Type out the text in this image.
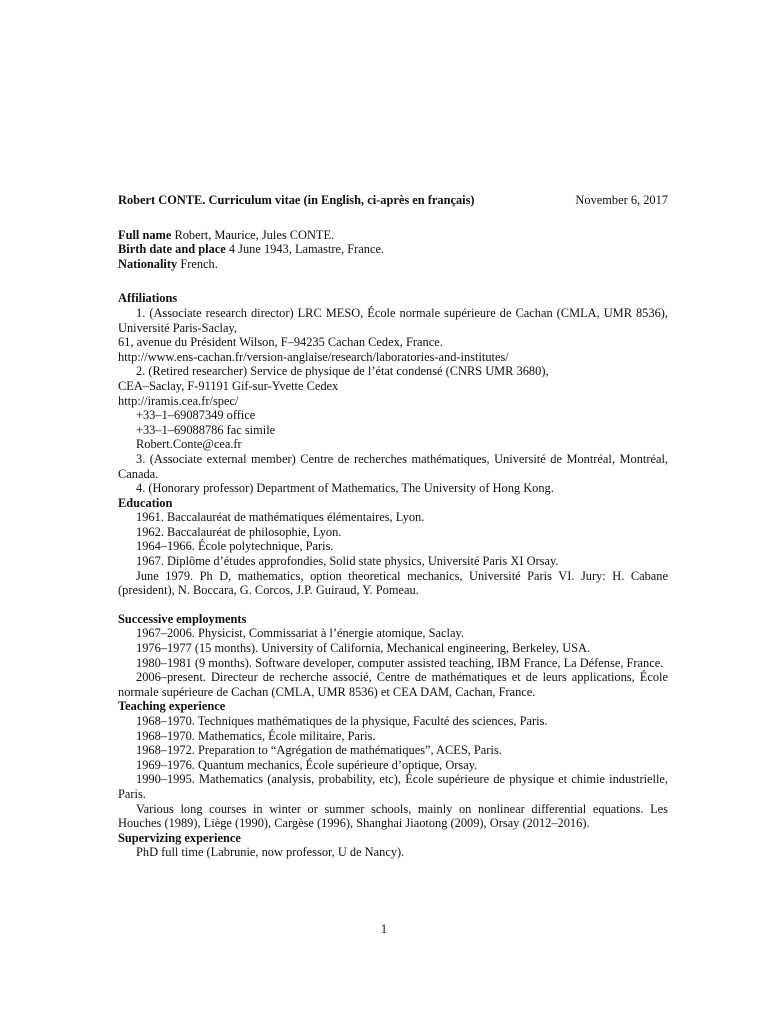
Robert CONTE. Curriculum vitae (in English, ci-après en français)	November 6, 2017
Full name Robert, Maurice, Jules CONTE.
Birth date and place 4 June 1943, Lamastre, France.
Nationality French.
Affiliations
1. (Associate research director) LRC MESO, École normale supérieure de Cachan (CMLA, UMR 8536), Université Paris-Saclay,
61, avenue du Président Wilson, F–94235 Cachan Cedex, France.
http://www.ens-cachan.fr/version-anglaise/research/laboratories-and-institutes/
2. (Retired researcher) Service de physique de l’état condensé (CNRS UMR 3680),
CEA–Saclay, F-91191 Gif-sur-Yvette Cedex
http://iramis.cea.fr/spec/
+33–1–69087349 office
+33–1–69088786 fac simile
Robert.Conte@cea.fr
3. (Associate external member) Centre de recherches mathématiques, Université de Montréal, Montréal, Canada.
4. (Honorary professor) Department of Mathematics, The University of Hong Kong.
Education
1961. Baccalauréat de mathématiques élémentaires, Lyon.
1962. Baccalauréat de philosophie, Lyon.
1964–1966. École polytechnique, Paris.
1967. Diplôme d’études approfondies, Solid state physics, Université Paris XI Orsay.
June 1979. Ph D, mathematics, option theoretical mechanics, Université Paris VI. Jury: H. Cabane (president), N. Boccara, G. Corcos, J.P. Guiraud, Y. Pomeau.
Successive employments
1967–2006. Physicist, Commissariat à l’énergie atomique, Saclay.
1976–1977 (15 months). University of California, Mechanical engineering, Berkeley, USA.
1980–1981 (9 months). Software developer, computer assisted teaching, IBM France, La Défense, France.
2006–present. Directeur de recherche associé, Centre de mathématiques et de leurs applications, École normale supérieure de Cachan (CMLA, UMR 8536) et CEA DAM, Cachan, France.
Teaching experience
1968–1970. Techniques mathématiques de la physique, Faculté des sciences, Paris.
1968–1970. Mathematics, École militaire, Paris.
1968–1972. Preparation to “Agrégation de mathématiques”, ACES, Paris.
1969–1976. Quantum mechanics, École supérieure d’optique, Orsay.
1990–1995. Mathematics (analysis, probability, etc), École supérieure de physique et chimie industrielle, Paris.
Various long courses in winter or summer schools, mainly on nonlinear differential equations. Les Houches (1989), Liège (1990), Cargèse (1996), Shanghai Jiaotong (2009), Orsay (2012–2016).
Supervizing experience
PhD full time (Labrunie, now professor, U de Nancy).
1
